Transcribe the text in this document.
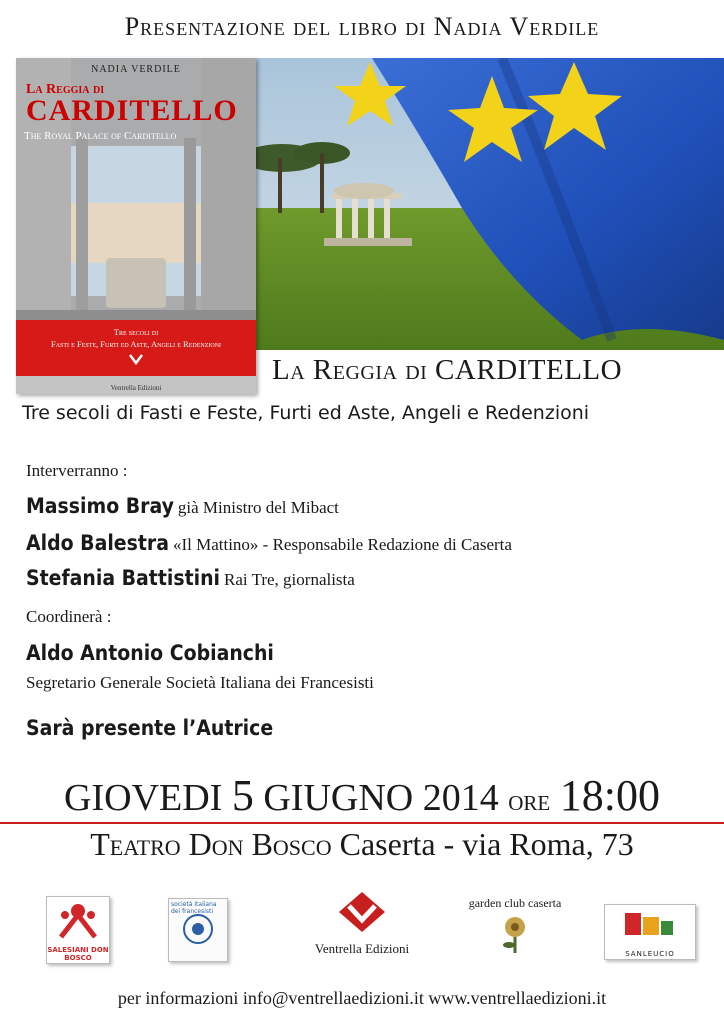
Presentazione del libro di Nadia Verdile
NADIA VERDILE
La Reggia di
CARDITELLO
The Royal Palace of Carditello
Tre secoli di
Fasti e Feste, Furti ed Aste, Angeli e Redenzioni
Ventrella Edizioni
La Reggia di CARDITELLO
Tre secoli di Fasti e Feste, Furti ed Aste, Angeli e Redenzioni
Interverranno :
Massimo Bray già Ministro del Mibact
Aldo Balestra «Il Mattino» - Responsabile Redazione di Caserta
Stefania Battistini Rai Tre, giornalista
Coordinerà :
Aldo Antonio Cobianchi
Segretario Generale Società Italiana dei Francesisti
Sarà presente l’Autrice
GIOVEDI 5 GIUGNO 2014 ore 18:00
Teatro Don Bosco Caserta - via Roma, 73
SALESIANI DON BOSCO
società italiana dei francesisti
Ventrella Edizioni
garden club caserta
SANLEUCIO
per informazioni info@ventrellaedizioni.it www.ventrellaedizioni.it
